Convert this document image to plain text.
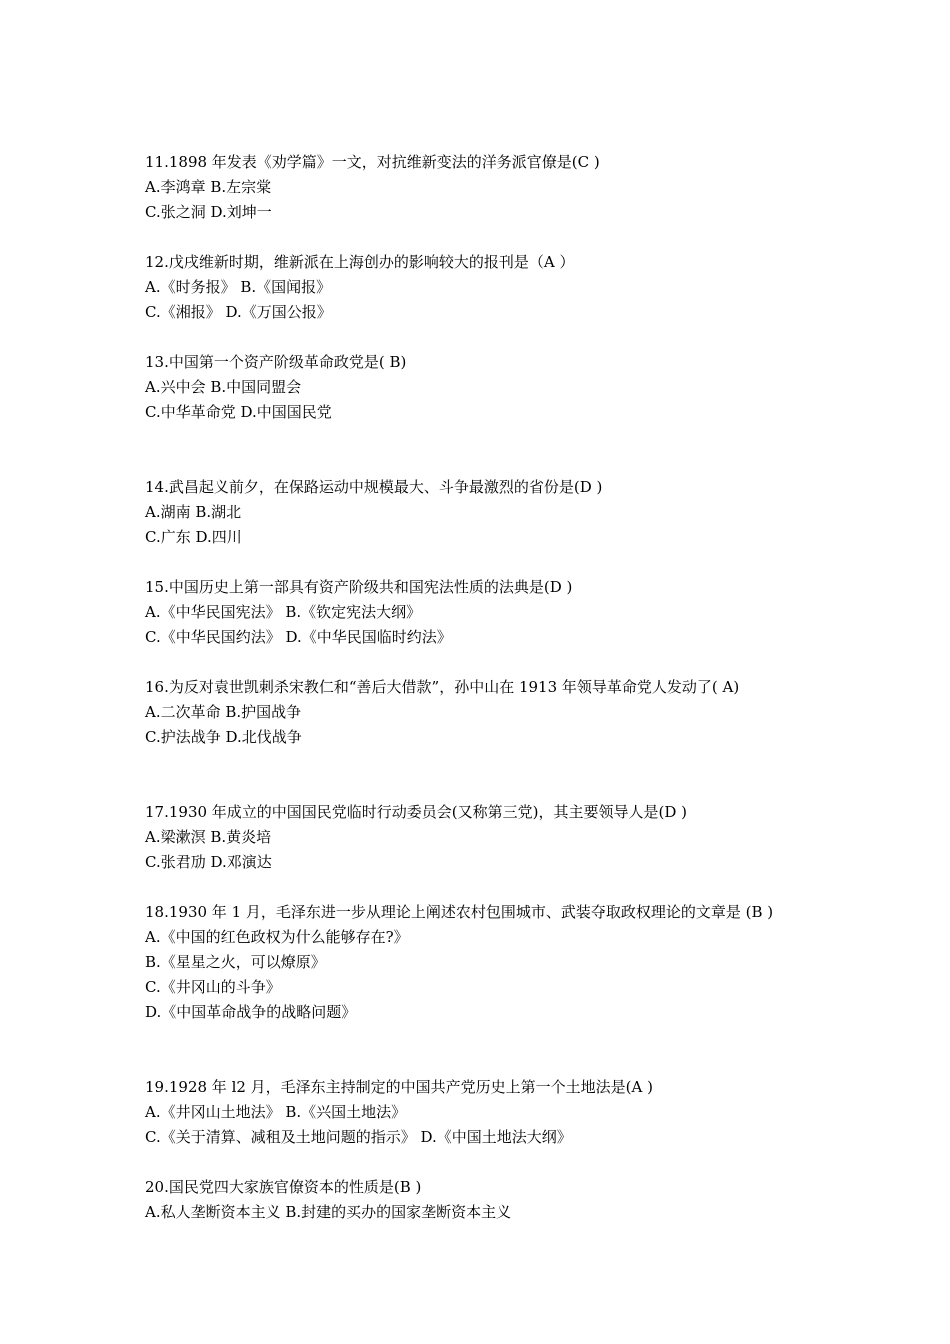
11.1898 年发表《劝学篇》一文，对抗维新变法的洋务派官僚是(C )
A.李鸿章 B.左宗棠
C.张之洞 D.刘坤一
12.戊戌维新时期，维新派在上海创办的影响较大的报刊是（A ）
A.《时务报》 B.《国闻报》
C.《湘报》 D.《万国公报》
13.中国第一个资产阶级革命政党是( B)
A.兴中会 B.中国同盟会
C.中华革命党 D.中国国民党
14.武昌起义前夕，在保路运动中规模最大、斗争最激烈的省份是(D )
A.湖南 B.湖北
C.广东 D.四川
15.中国历史上第一部具有资产阶级共和国宪法性质的法典是(D )
A.《中华民国宪法》 B.《钦定宪法大纲》
C.《中华民国约法》 D.《中华民国临时约法》
16.为反对袁世凯刺杀宋教仁和“善后大借款”，孙中山在 1913 年领导革命党人发动了( A)
A.二次革命 B.护国战争
C.护法战争 D.北伐战争
17.1930 年成立的中国国民党临时行动委员会(又称第三党)，其主要领导人是(D )
A.梁漱溟 B.黄炎培
C.张君劢 D.邓演达
18.1930 年 1 月，毛泽东进一步从理论上阐述农村包围城市、武装夺取政权理论的文章是 (B )
A.《中国的红色政权为什么能够存在?》
B.《星星之火，可以燎原》
C.《井冈山的斗争》
D.《中国革命战争的战略问题》
19.1928 年 l2 月，毛泽东主持制定的中国共产党历史上第一个土地法是(A )
A.《井冈山土地法》 B.《兴国土地法》
C.《关于清算、减租及土地问题的指示》 D.《中国土地法大纲》
20.国民党四大家族官僚资本的性质是(B )
A.私人垄断资本主义 B.封建的买办的国家垄断资本主义
